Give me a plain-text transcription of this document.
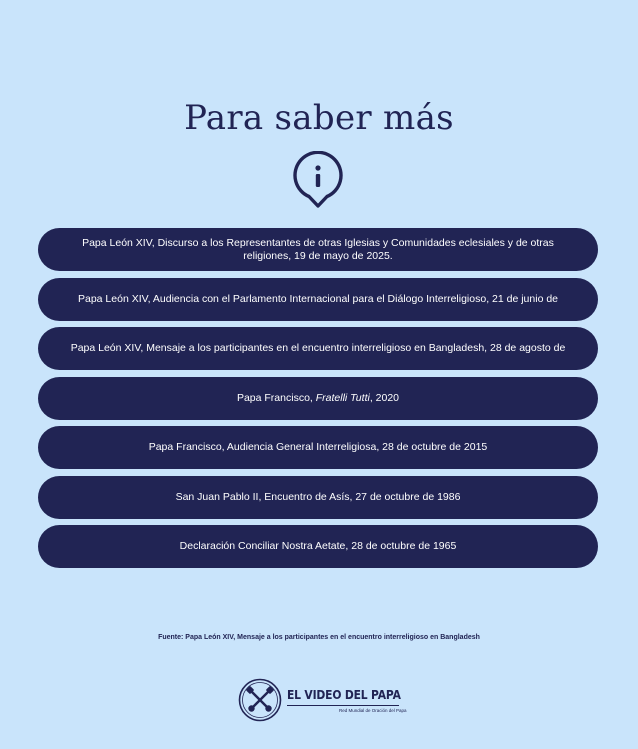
Para saber más
Papa León XIV, Discurso a los Representantes de otras Iglesias y Comunidades eclesiales y de otras religiones, 19 de mayo de 2025.
Papa León XIV, Audiencia con el Parlamento Internacional para el Diálogo Interreligioso, 21 de junio de
Papa León XIV, Mensaje a los participantes en el encuentro interreligioso en Bangladesh, 28 de agosto de
Papa Francisco, Fratelli Tutti, 2020
Papa Francisco, Audiencia General Interreligiosa, 28 de octubre de 2015
San Juan Pablo II, Encuentro de Asís, 27 de octubre de 1986
Declaración Conciliar Nostra Aetate, 28 de octubre de 1965
Fuente: Papa León XIV, Mensaje a los participantes en el encuentro interreligioso en Bangladesh
EL VIDEO DEL PAPA
Red Mundial de Oración del Papa
